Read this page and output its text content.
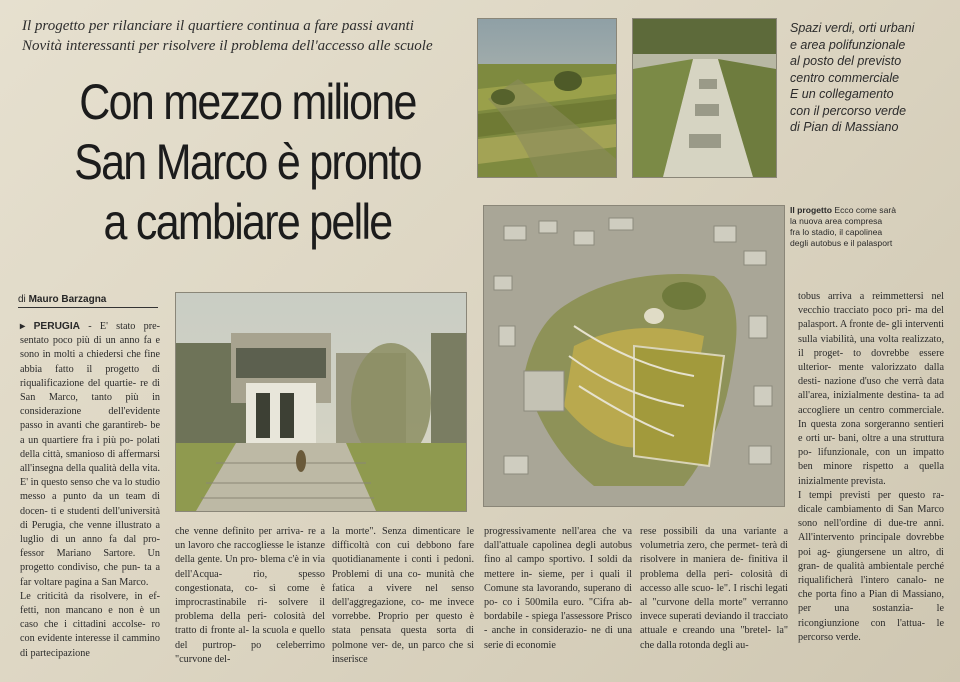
Il progetto per rilanciare il quartiere continua a fare passi avanti
Novità interessanti per risolvere il problema dell'accesso alle scuole
Con mezzo milione
San Marco è pronto
a cambiare pelle
di Mauro Barzagna
Spazi verdi, orti urbani
e area polifunzionale
al posto del previsto
centro commerciale
E un collegamento
con il percorso verde
di Pian di Massiano
Il progetto Ecco come sarà
la nuova area compresa
fra lo stadio, il capolinea
degli autobus e il palasport

▸ PERUGIA - E' stato pre- sentato poco più di un anno fa e sono in molti a chiedersi che fine abbia fatto il progetto di riqualificazione del quartie- re di San Marco, tanto più in considerazione dell'evidente passo in avanti che garantireb- be a un quartiere fra i più po- polati della città, smanioso di affermarsi all'insegna della qualità della vita. E' in questo senso che va lo studio messo a punto da un team di docen- ti e studenti dell'università di Perugia, che venne illustrato a luglio di un anno fa dal pro- fessor Mariano Sartore. Un progetto condiviso, che pun- ta a far voltare pagina a San Marco.

Le criticità da risolvere, in ef- fetti, non mancano e non è un caso che i cittadini accolse- ro con evidente interesse il cammino di partecipazione

che venne definito per arriva- re a un lavoro che raccogliesse le istanze della gente. Un pro- blema c'è in via dell'Acqua- rio, spesso congestionata, co- sì come è improcrastinabile ri- solvere il problema della peri- colosità del tratto di fronte al- la scuola e quello del purtrop- po celeberrimo "curvone del-

la morte". Senza dimenticare le difficoltà con cui debbono fare quotidianamente i conti i pedoni. Problemi di una co- munità che fatica a vivere nel senso dell'aggregazione, co- me invece vorrebbe. Proprio per questo è stata pensata questa sorta di polmone ver- de, un parco che si inserisce

progressivamente nell'area che va dall'attuale capolinea degli autobus fino al campo sportivo. I soldi da mettere in- sieme, per i quali il Comune sta lavorando, superano di po- co i 500mila euro. "Cifra ab- bordabile - spiega l'assessore Prisco - anche in considerazio- ne di una serie di economie

rese possibili da una variante a volumetria zero, che permet- terà di risolvere in maniera de- finitiva il problema della peri- colosità di accesso alle scuo- le". I rischi legati al "curvone della morte" verranno invece superati deviando il tracciato attuale e creando una "bretel- la" che dalla rotonda degli au-

tobus arriva a reimmettersi nel vecchio tracciato poco pri- ma del palasport. A fronte de- gli interventi sulla viabilità, una volta realizzato, il proget- to dovrebbe essere ulterior- mente valorizzato dalla desti- nazione d'uso che verrà data all'area, inizialmente destina- ta ad accogliere un centro commerciale. In questa zona sorgeranno sentieri e orti ur- bani, oltre a una struttura po- lifunzionale, con un impatto ben minore rispetto a quella inizialmente prevista.

I tempi previsti per questo ra- dicale cambiamento di San Marco sono nell'ordine di due-tre anni. All'intervento principale dovrebbe poi ag- giungersene un altro, di gran- de qualità ambientale perché riqualificherà l'intero canalo- ne che porta fino a Pian di Massiano, per una sostanzia- le ricongiunzione con l'attua- le percorso verde.
